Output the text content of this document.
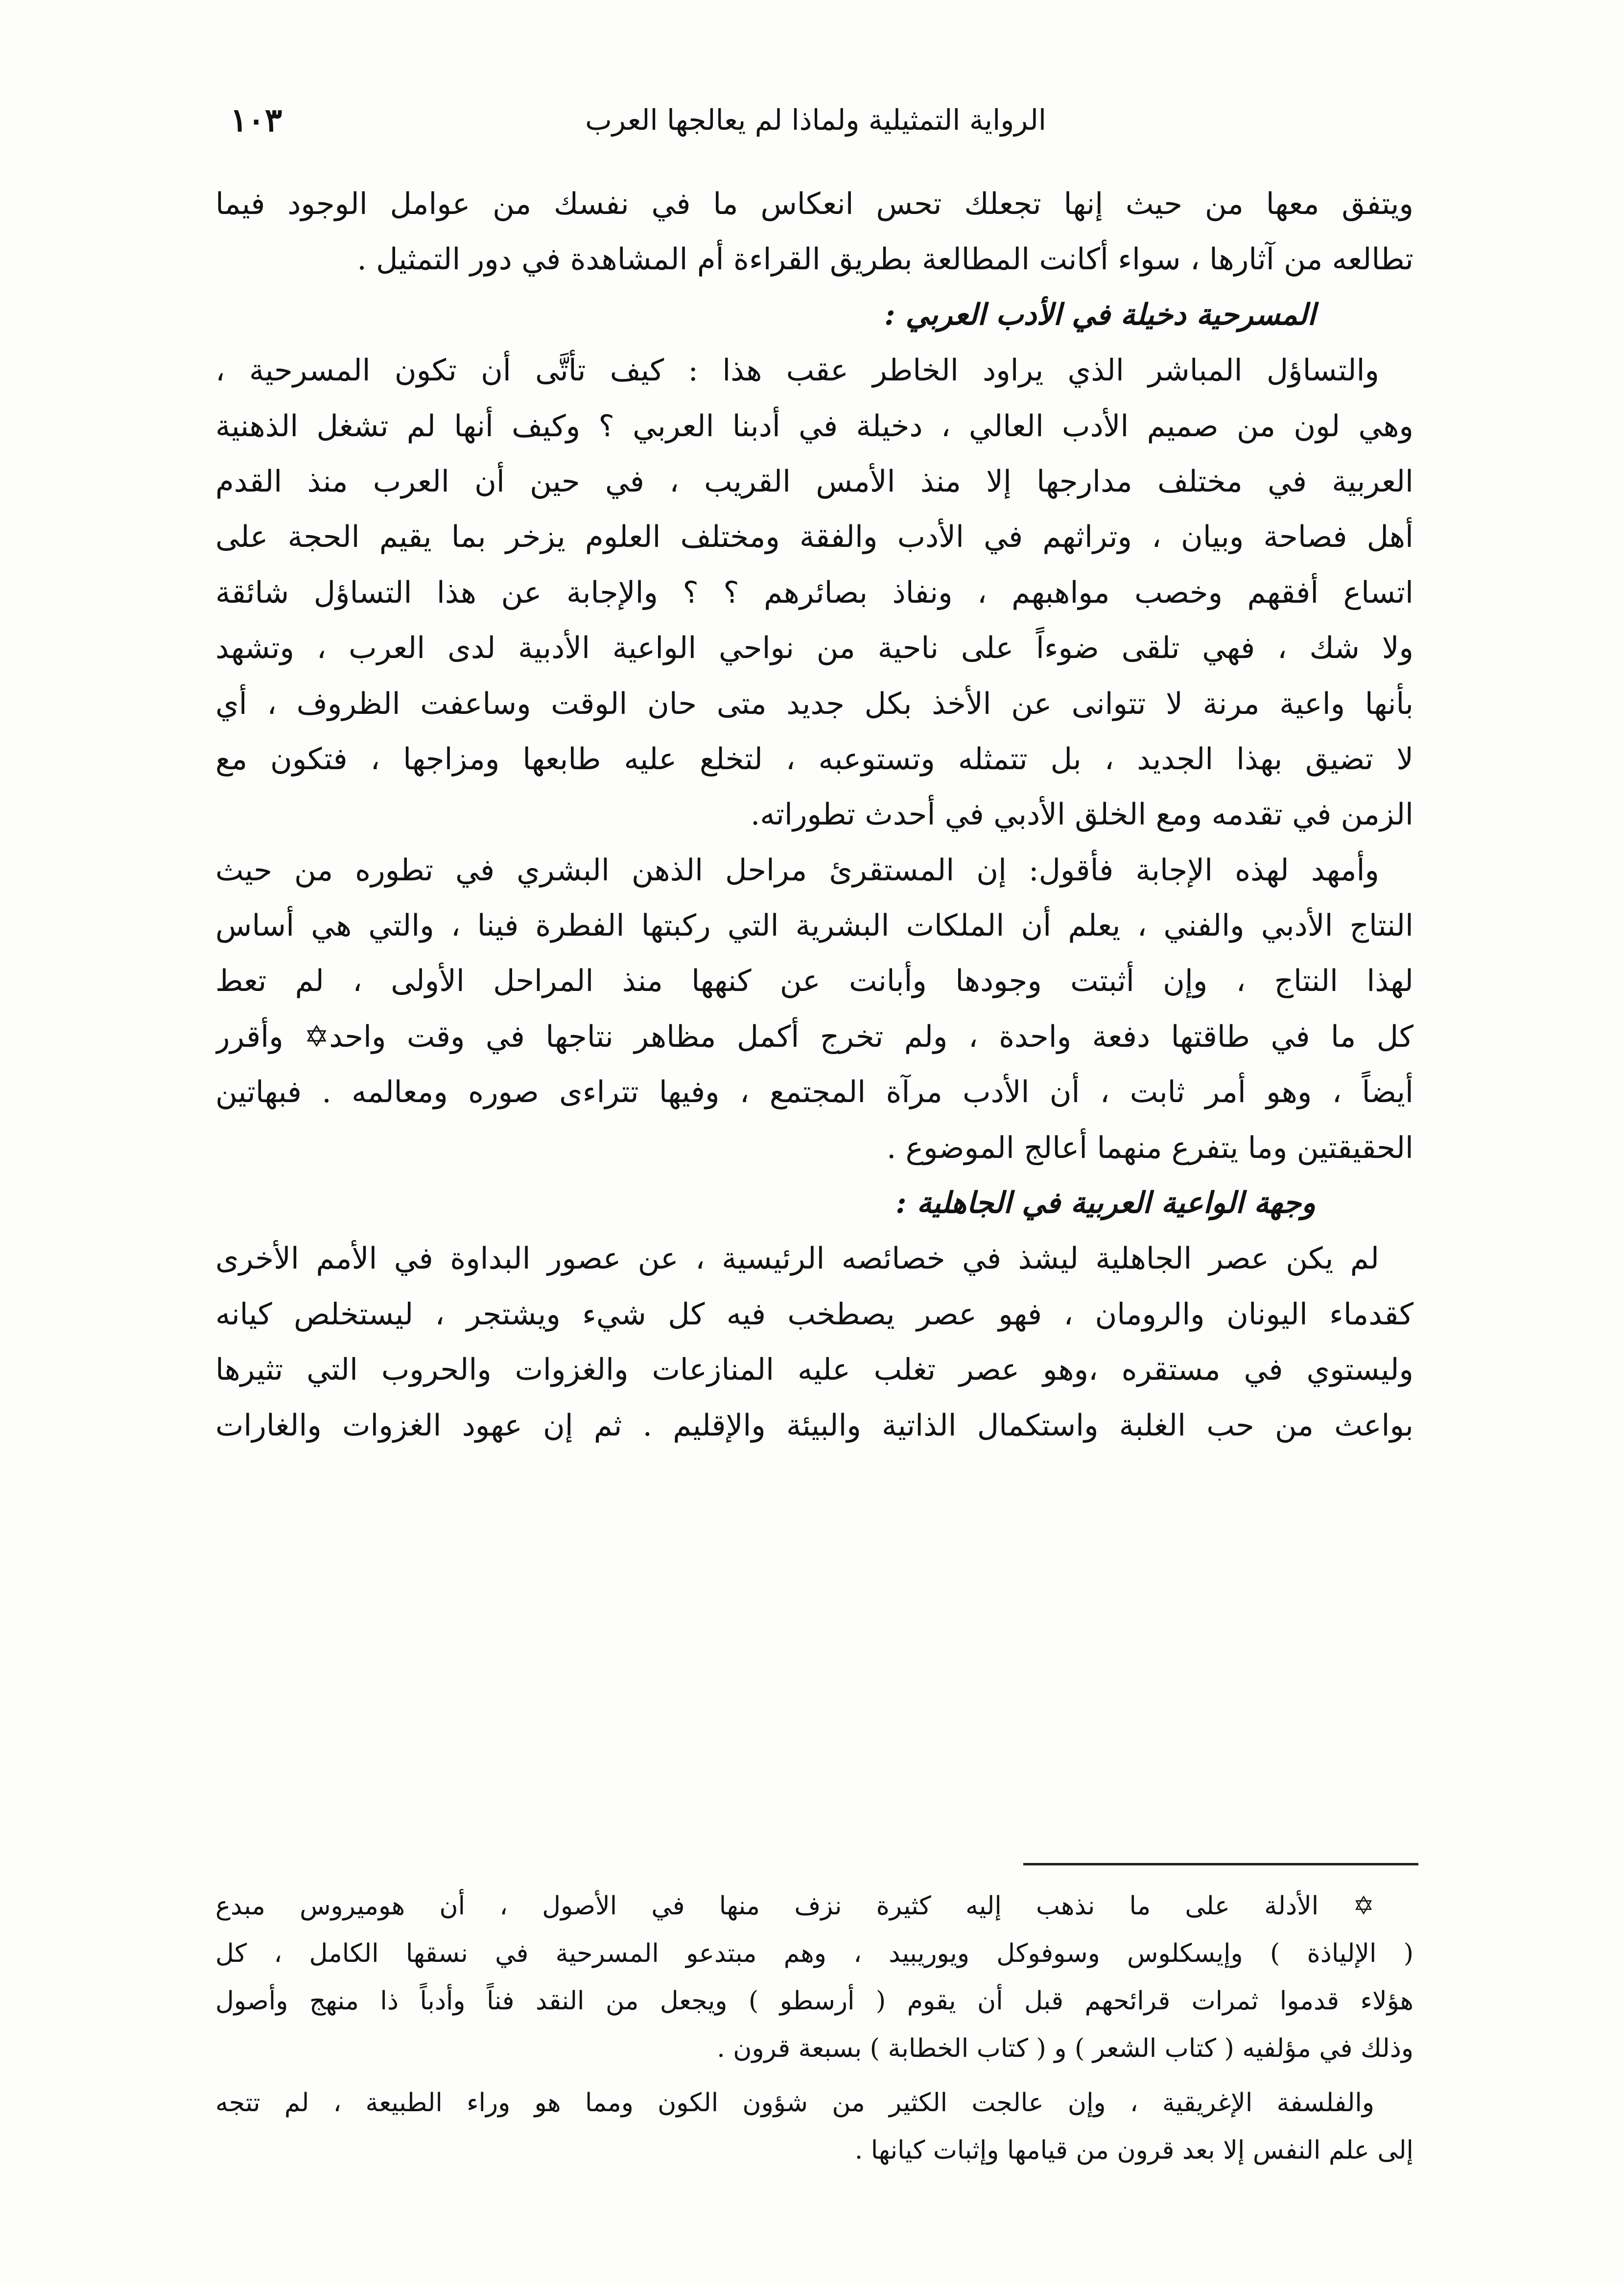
الرواية التمثيلية ولماذا لم يعالجها العرب
١٠٣
ويتفق معها من حيث إنها تجعلك تحس انعكاس ما في نفسك من عوامل الوجود فيما
تطالعه من آثارها ، سواء أكانت المطالعة بطريق القراءة أم المشاهدة في دور التمثيل .
المسرحية دخيلة في الأدب العربي :
والتساؤل المباشر الذي يراود الخاطر عقب هذا : كيف تأتَّى أن تكون المسرحية ،
وهي لون من صميم الأدب العالي ، دخيلة في أدبنا العربي ؟ وكيف أنها لم تشغل الذهنية
العربية في مختلف مدارجها إلا منذ الأمس القريب ، في حين أن العرب منذ القدم
أهل فصاحة وبيان ، وتراثهم في الأدب والفقة ومختلف العلوم يزخر بما يقيم الحجة على
اتساع أفقهم وخصب مواهبهم ، ونفاذ بصائرهم ؟ ؟ والإجابة عن هذا التساؤل شائقة
ولا شك ، فهي تلقى ضوءاً على ناحية من نواحي الواعية الأدبية لدى العرب ، وتشهد
بأنها واعية مرنة لا تتوانى عن الأخذ بكل جديد متى حان الوقت وساعفت الظروف ، أي
لا تضيق بهذا الجديد ، بل تتمثله وتستوعبه ، لتخلع عليه طابعها ومزاجها ، فتكون مع
الزمن في تقدمه ومع الخلق الأدبي في أحدث تطوراته.
وأمهد لهذه الإجابة فأقول: إن المستقرئ مراحل الذهن البشري في تطوره من حيث
النتاج الأدبي والفني ، يعلم أن الملكات البشرية التي ركبتها الفطرة فينا ، والتي هي أساس
لهذا النتاج ، وإن أثبتت وجودها وأبانت عن كنهها منذ المراحل الأولى ، لم تعط
كل ما في طاقتها دفعة واحدة ، ولم تخرج أكمل مظاهر نتاجها في وقت واحد✡ وأقرر
أيضاً ، وهو أمر ثابت ، أن الأدب مرآة المجتمع ، وفيها تتراءى صوره ومعالمه . فبهاتين
الحقيقتين وما يتفرع منهما أعالج الموضوع .
وجهة الواعية العربية في الجاهلية :
لم يكن عصر الجاهلية ليشذ في خصائصه الرئيسية ، عن عصور البداوة في الأمم الأخرى
كقدماء اليونان والرومان ، فهو عصر يصطخب فيه كل شيء ويشتجر ، ليستخلص كيانه
وليستوي في مستقره ،وهو عصر تغلب عليه المنازعات والغزوات والحروب التي تثيرها
بواعث من حب الغلبة واستكمال الذاتية والبيئة والإقليم . ثم إن عهود الغزوات والغارات
✡ الأدلة على ما نذهب إليه كثيرة نزف منها في الأصول ، أن هوميروس مبدع
( الإلياذة ) وإيسكلوس وسوفوكل ويوريبيد ، وهم مبتدعو المسرحية في نسقها الكامل ، كل
هؤلاء قدموا ثمرات قرائحهم قبل أن يقوم ( أرسطو ) ويجعل من النقد فناً وأدباً ذا منهج وأصول
وذلك في مؤلفيه ( كتاب الشعر ) و ( كتاب الخطابة ) بسبعة قرون .
والفلسفة الإغريقية ، وإن عالجت الكثير من شؤون الكون ومما هو وراء الطبيعة ، لم تتجه
إلى علم النفس إلا بعد قرون من قيامها وإثبات كيانها .
